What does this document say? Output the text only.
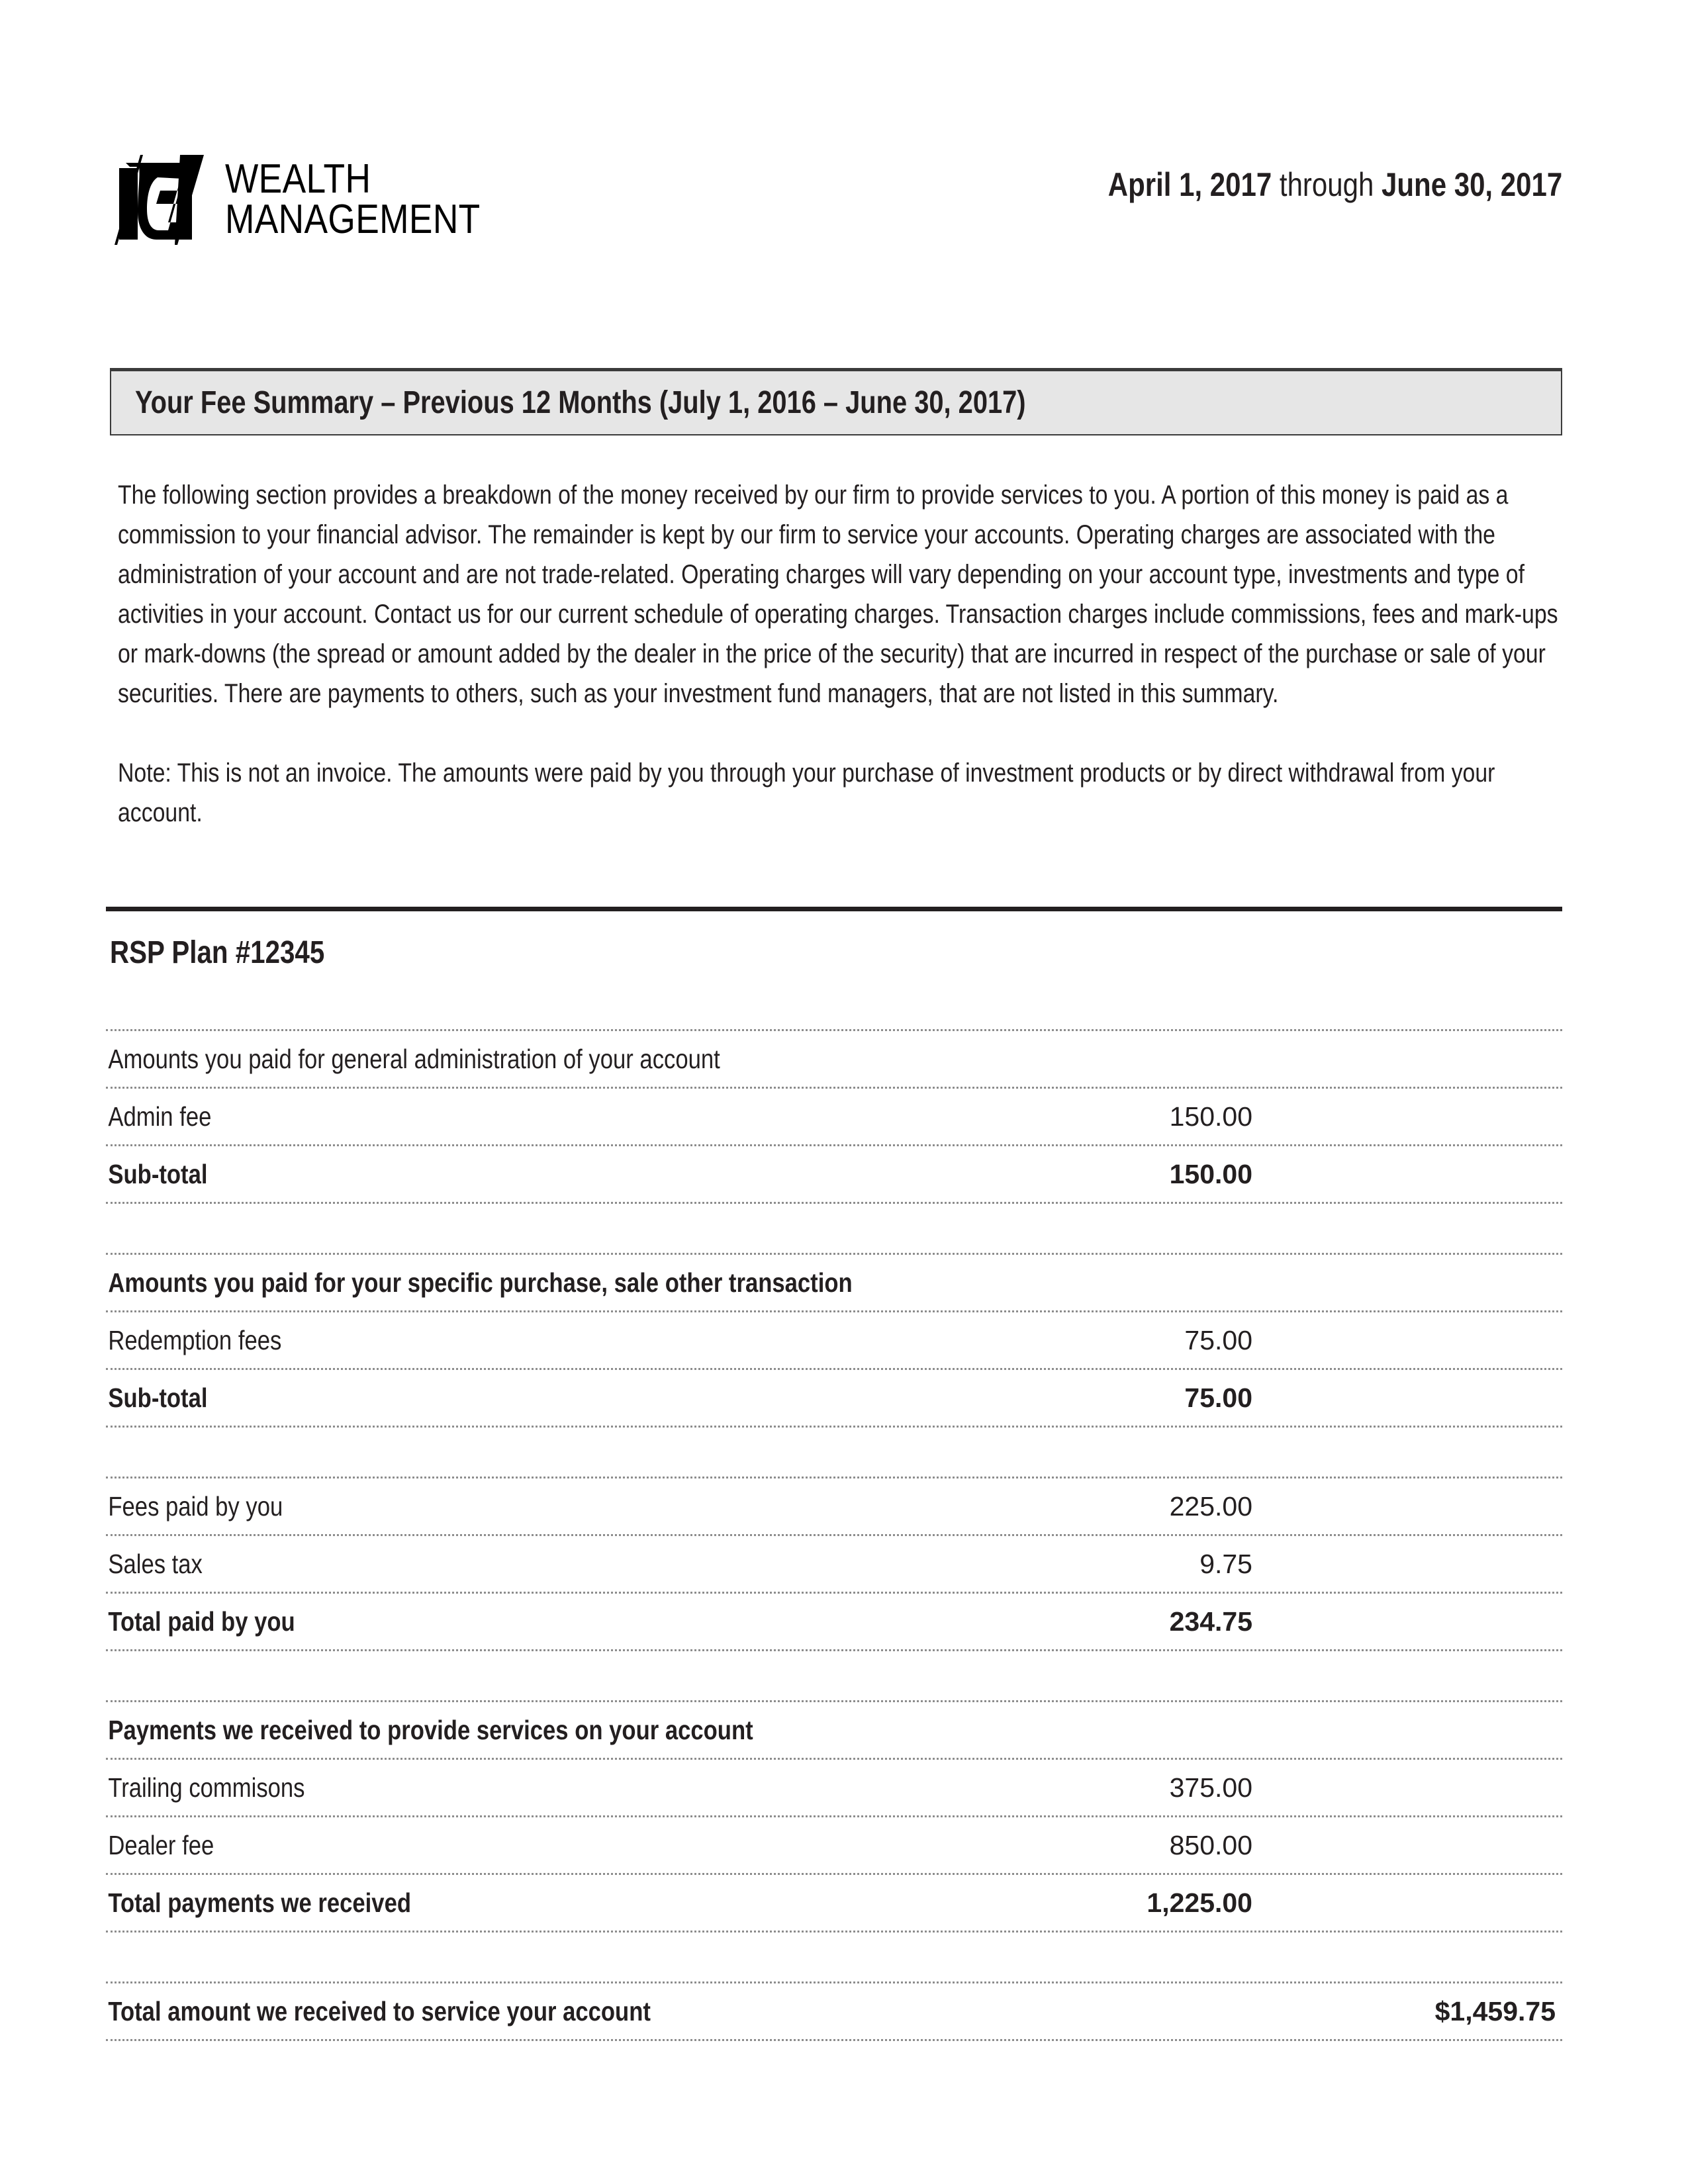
WEALTH
MANAGEMENT
April 1, 2017 through June 30, 2017
Your Fee Summary – Previous 12 Months (July 1, 2016 – June 30, 2017)

The following section provides a breakdown of the money received by our firm to provide services to you. A portion of this money is paid as a commission to your financial advisor. The remainder is kept by our firm to service your accounts. Operating charges are associated with the administration of your account and are not trade-related. Operating charges will vary depending on your account type, investments and type of activities in your account. Contact us for our current schedule of operating charges. Transaction charges include commissions, fees and mark-ups or mark-downs (the spread or amount added by the dealer in the price of the security) that are incurred in respect of the purchase or sale of your securities. There are payments to others, such as your investment fund managers, that are not listed in this summary.

Note: This is not an invoice. The amounts were paid by you through your purchase of investment products or by direct withdrawal from your account.

RSP Plan #12345
Amounts you paid for general administration of your account
Admin fee	150.00
Sub-total	150.00
Amounts you paid for your specific purchase, sale other transaction
Redemption fees	75.00
Sub-total	75.00
Fees paid by you	225.00
Sales tax	9.75
Total paid by you	234.75
Payments we received to provide services on your account
Trailing commisons	375.00
Dealer fee	850.00
Total payments we received	1,225.00
Total amount we received to service your account	$1,459.75
